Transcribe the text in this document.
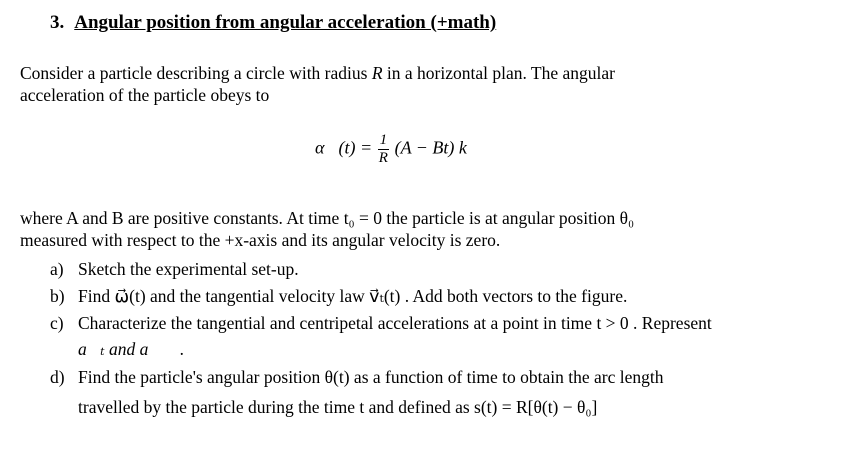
3. Angular position from angular acceleration (+math)
Consider a particle describing a circle with radius R in a horizontal plan. The angular
acceleration of the particle obeys to
α⃗(t) = $\frac{1}{R} (A - Bt)$ k⃗
where A and B are positive constants. At time t₀ = 0 the particle is at angular position θ₀
measured with respect to the +x-axis and its angular velocity is zero.
a) Sketch the experimental set-up.
b) Find ω⃗(t) and the tangential velocity law v⃗ₜ(t) . Add both vectors to the figure.
c) Characterize the tangential and centripetal accelerations at a point in time t > 0 . Represent
a⃗ₜ and a⃗꜀ .
d) Find the particle's angular position θ(t) as a function of time to obtain the arc length
travelled by the particle during the time t and defined as s(t) = R[θ(t) − θ₀]
